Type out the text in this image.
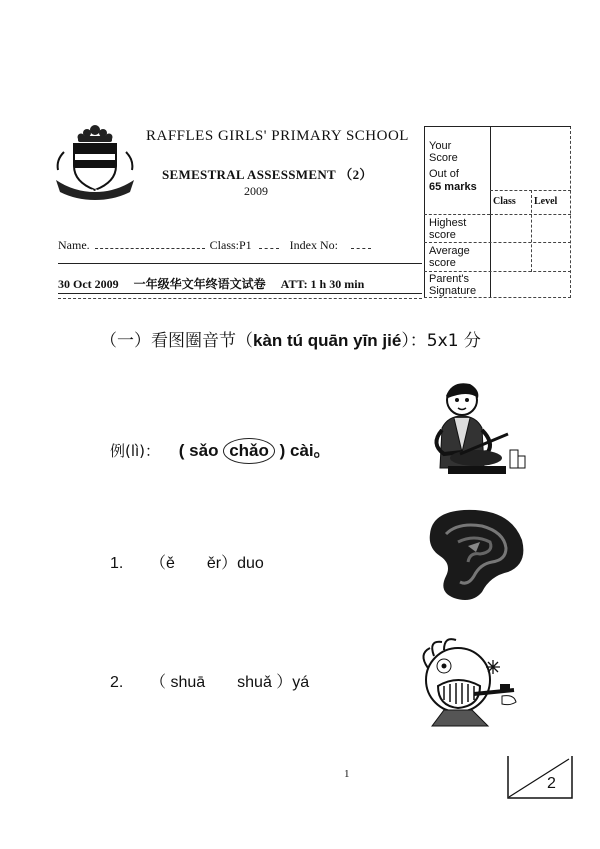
RAFFLES GIRLS' PRIMARY SCHOOL
SEMESTRAL ASSESSMENT （2）
2009
Name.	Class:P1	Index No:
30 Oct 2009 一年级华文年终语文试卷 ATT: 1 h 30 min
Your Score
Out of
65 marks
Class Level
Highest score
Average score
Parent's Signature
（一）看图圈音节（kàn tú quān yīn jié）：5x1 分
例(lì)： ( sǎo chǎo ) cài。
1. （ě　　ěr）duo
2. （ shuā　　shuǎ ）yá
1
2
